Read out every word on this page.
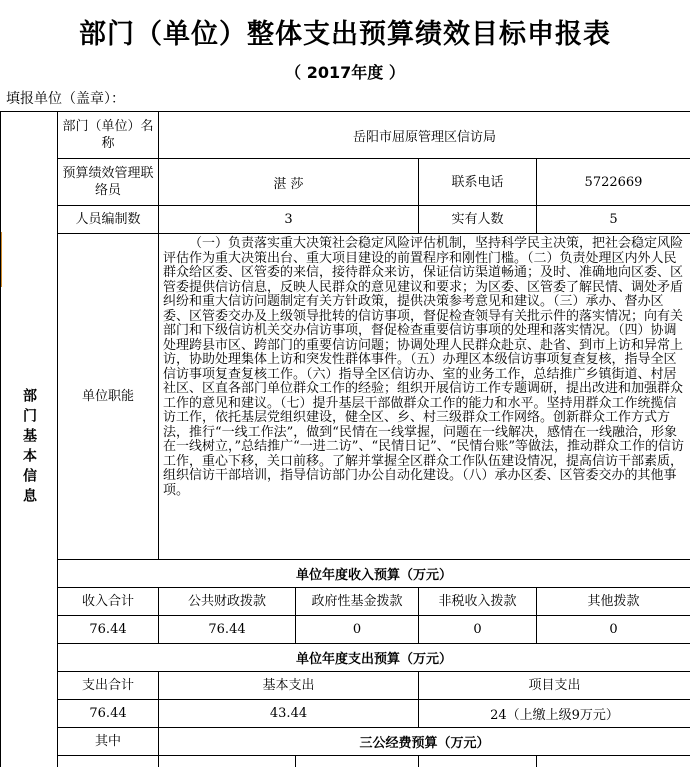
部门（单位）整体支出预算绩效目标申报表
（ 2017年度 ）
填报单位（盖章）：
部门基本信息	部门（单位）名称	岳阳市屈原管理区信访局			
	预算绩效管理联络员	湛 莎		联系电话	5722669
	人员编制数	3		实有人数	5
	单位职能	（一）负责落实重大决策社会稳定风险评估机制，坚持科学民主决策，把社会稳定风险评估作为重大决策出台、重大项目建设的前置程序和刚性门槛。（二）负责处理区内外人民群众给区委、区管委的来信，接待群众来访，保证信访渠道畅通；及时、准确地向区委、区管委提供信访信息，反映人民群众的意见建议和要求；为区委、区管委了解民情、调处矛盾纠纷和重大信访问题制定有关方针政策，提供决策参考意见和建议。（三）承办、督办区委、区管委交办及上级领导批转的信访事项，督促检查领导有关批示件的落实情况；向有关部门和下级信访机关交办信访事项，督促检查重要信访事项的处理和落实情况。（四）协调处理跨县市区、跨部门的重要信访问题；协调处理人民群众赴京、赴省、到市上访和异常上访，协助处理集体上访和突发性群体事件。（五）办理区本级信访事项复查复核，指导全区信访事项复查复核工作。（六）指导全区信访办、室的业务工作，总结推广乡镇街道、村居社区、区直各部门单位群众工作的经验；组织开展信访工作专题调研，提出改进和加强群众工作的意见和建议。（七）提升基层干部做群众工作的能力和水平。坚持用群众工作统揽信访工作，依托基层党组织建设，健全区、乡、村三级群众工作网络。创新群众工作方式方法，推行“一线工作法”，做到“民情在一线掌握，问题在一线解决，感情在一线融洽，形象在一线树立，”总结推广“一进二访”、“民情日记”、“民情台账”等做法，推动群众工作的信访工作，重心下移，关口前移。了解并掌握全区群众工作队伍建设情况，提高信访干部素质，组织信访干部培训，指导信访部门办公自动化建设。（八）承办区委、区管委交办的其他事项。			
	单位年度收入预算（万元）				
	收入合计	公共财政拨款	政府性基金拨款	非税收入拨款	其他拨款
	76.44	76.44	0	0	0
	单位年度支出预算（万元）				
	支出合计	基本支出		项目支出	
	76.44	43.44		24（上缴上级9万元）	
	其中	三公经费预算（万元）			
